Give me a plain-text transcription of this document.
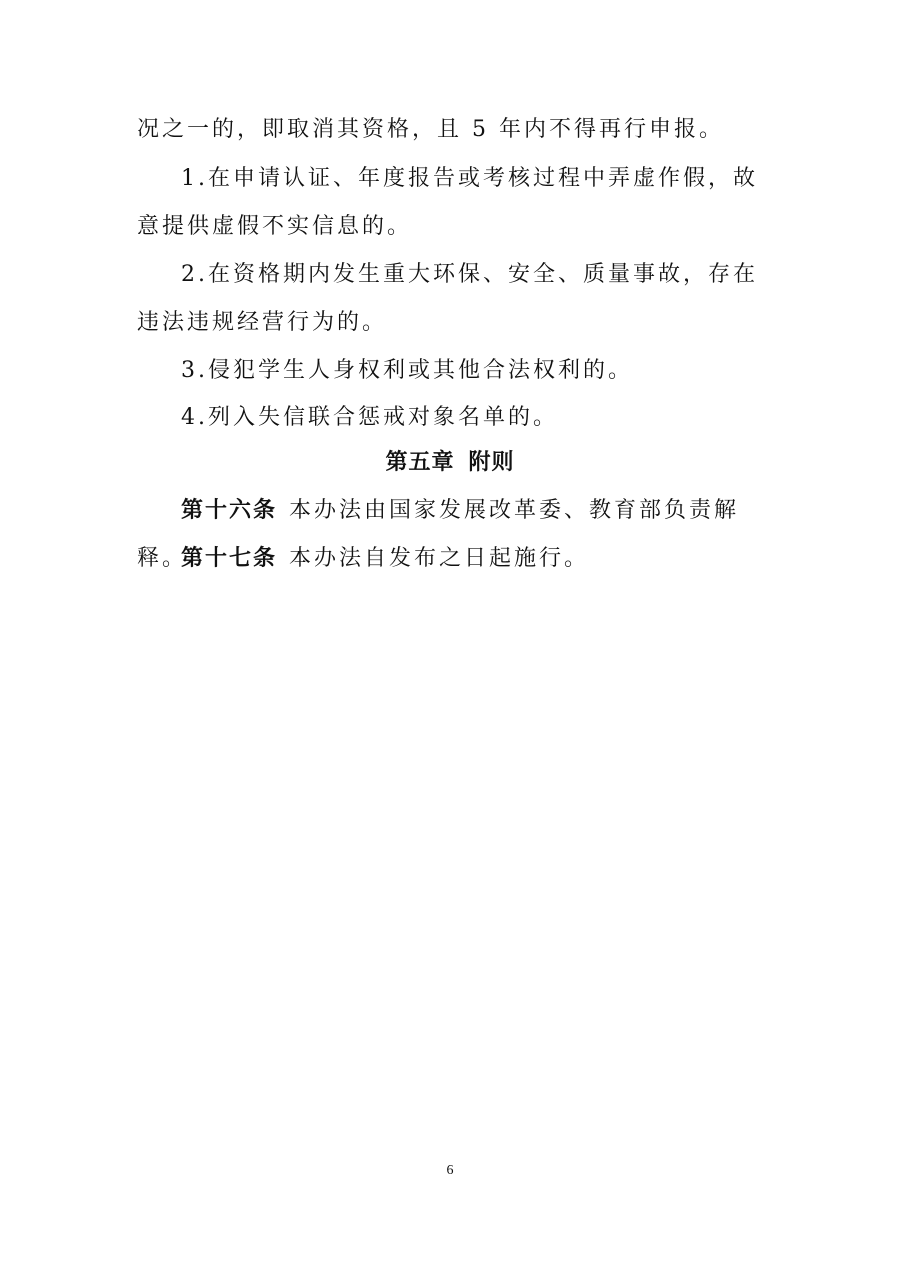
况之一的，即取消其资格，且 5 年内不得再行申报。

1.在申请认证、年度报告或考核过程中弄虚作假，故意提供虚假不实信息的。

2.在资格期内发生重大环保、安全、质量事故，存在违法违规经营行为的。

3.侵犯学生人身权利或其他合法权利的。

4.列入失信联合惩戒对象名单的。

第五章 附则

第十六条 本办法由国家发展改革委、教育部负责解释。

第十七条 本办法自发布之日起施行。

6
